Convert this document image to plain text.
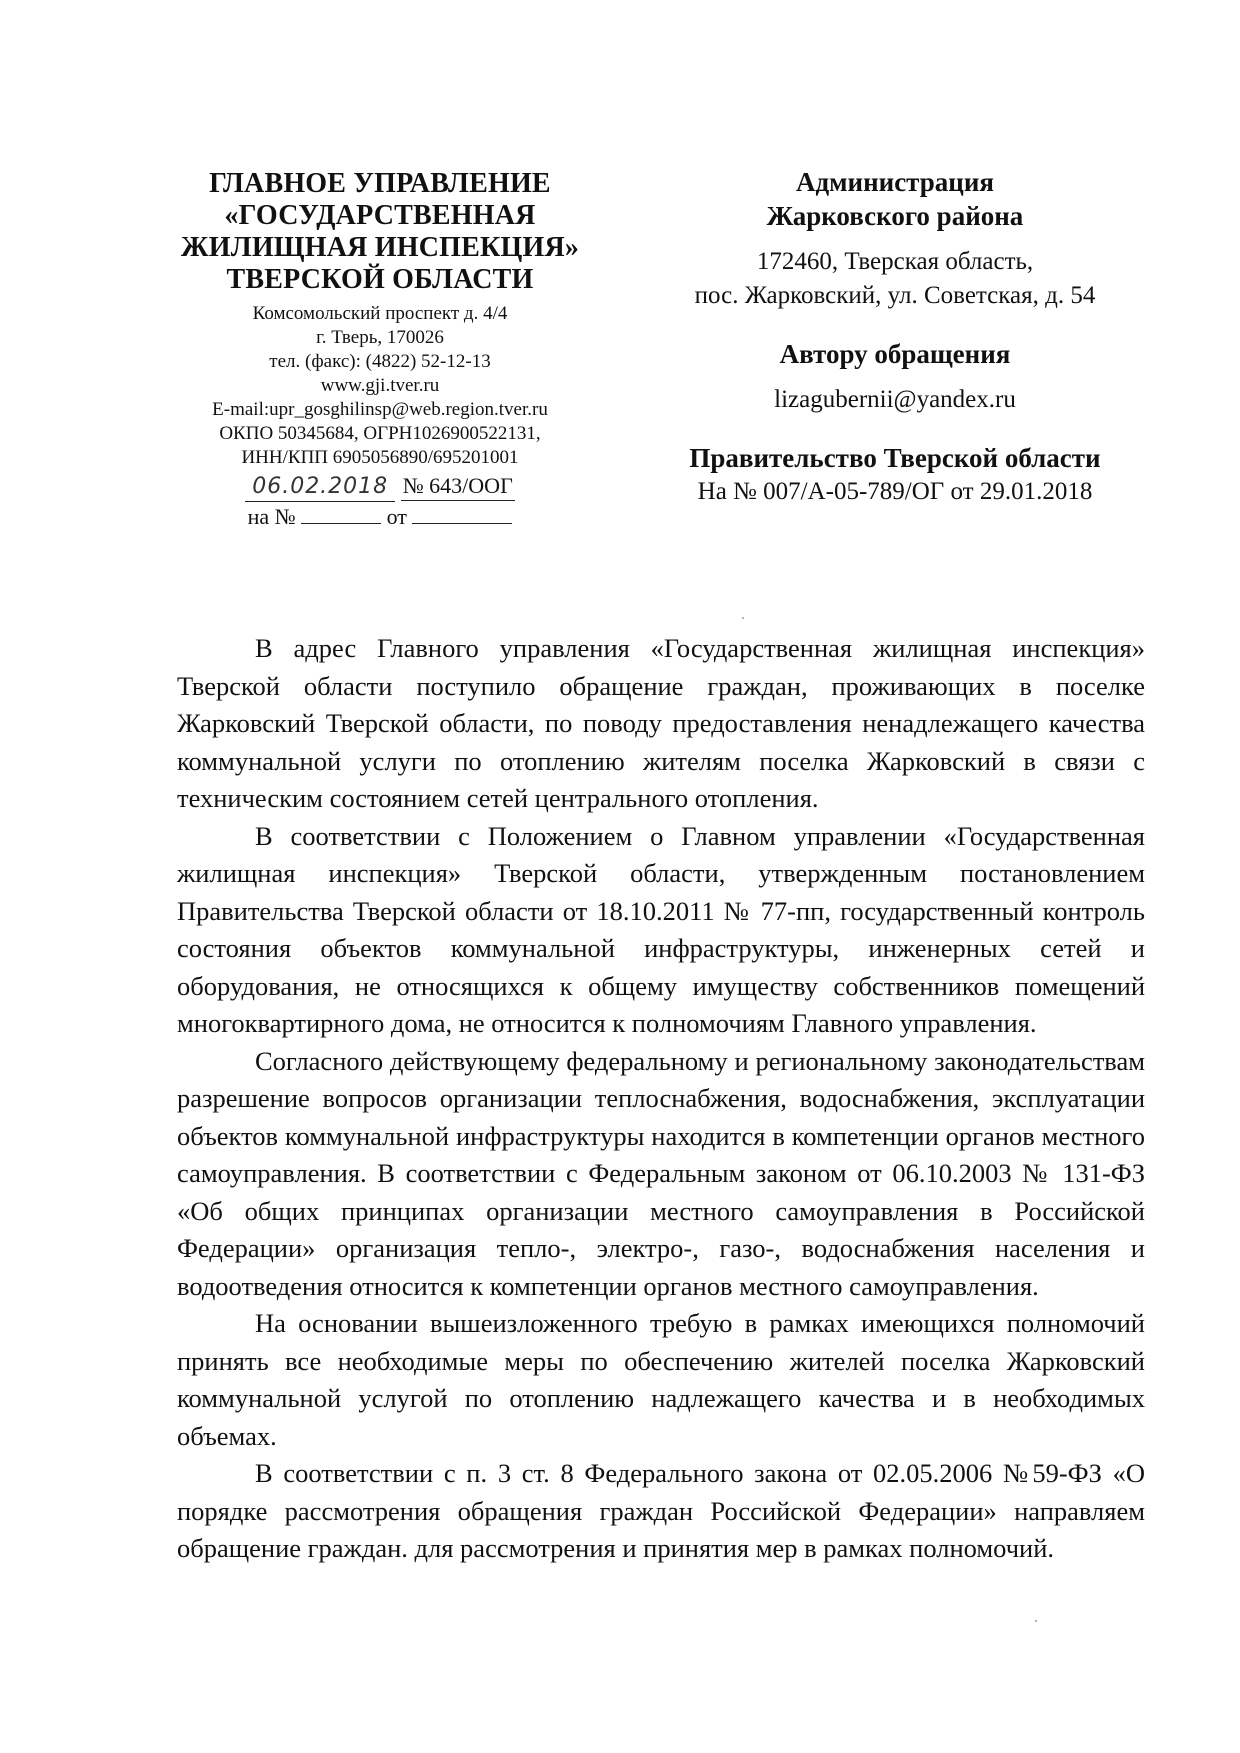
ГЛАВНОЕ УПРАВЛЕНИЕ
«ГОСУДАРСТВЕННАЯ
ЖИЛИЩНАЯ ИНСПЕКЦИЯ»
ТВЕРСКОЙ ОБЛАСТИ
Комсомольский проспект д. 4/4
г. Тверь, 170026
тел. (факс): (4822) 52-12-13
www.gji.tver.ru
E-mail:upr_gosghilinsp@web.region.tver.ru
ОКПО 50345684, ОГРН1026900522131,
ИНН/КПП 6905056890/695201001
06.02.2018 № 643/ООГ
на №	от
Администрация
Жарковского района
172460, Тверская область,
пос. Жарковский, ул. Советская, д. 54
Автору обращения
lizagubernii@yandex.ru
Правительство Тверской области
На № 007/А-05-789/ОГ от 29.01.2018

В адрес Главного управления «Государственная жилищная инспекция» Тверской области поступило обращение граждан, проживающих в поселке Жарковский Тверской области, по поводу предоставления ненадлежащего качества коммунальной услуги по отоплению жителям поселка Жарковский в связи с техническим состоянием сетей центрального отопления.

В соответствии с Положением о Главном управлении «Государственная жилищная инспекция» Тверской области, утвержденным постановлением Правительства Тверской области от 18.10.2011 № 77-пп, государственный контроль состояния объектов коммунальной инфраструктуры, инженерных сетей и оборудования, не относящихся к общему имуществу собственников помещений многоквартирного дома, не относится к полномочиям Главного управления.

Согласного действующему федеральному и региональному законодательствам разрешение вопросов организации теплоснабжения, водоснабжения, эксплуатации объектов коммунальной инфраструктуры находится в компетенции органов местного самоуправления. В соответствии с Федеральным законом от 06.10.2003 № 131-ФЗ «Об общих принципах организации местного самоуправления в Российской Федерации» организация тепло-, электро-, газо-, водоснабжения населения и водоотведения относится к компетенции органов местного самоуправления.

На основании вышеизложенного требую в рамках имеющихся полномочий принять все необходимые меры по обеспечению жителей поселка Жарковский коммунальной услугой по отоплению надлежащего качества и в необходимых объемах.

В соответствии с п. 3 ст. 8 Федерального закона от 02.05.2006 №59-ФЗ «О порядке рассмотрения обращения граждан Российской Федерации» направляем обращение граждан. для рассмотрения и принятия мер в рамках полномочий.
